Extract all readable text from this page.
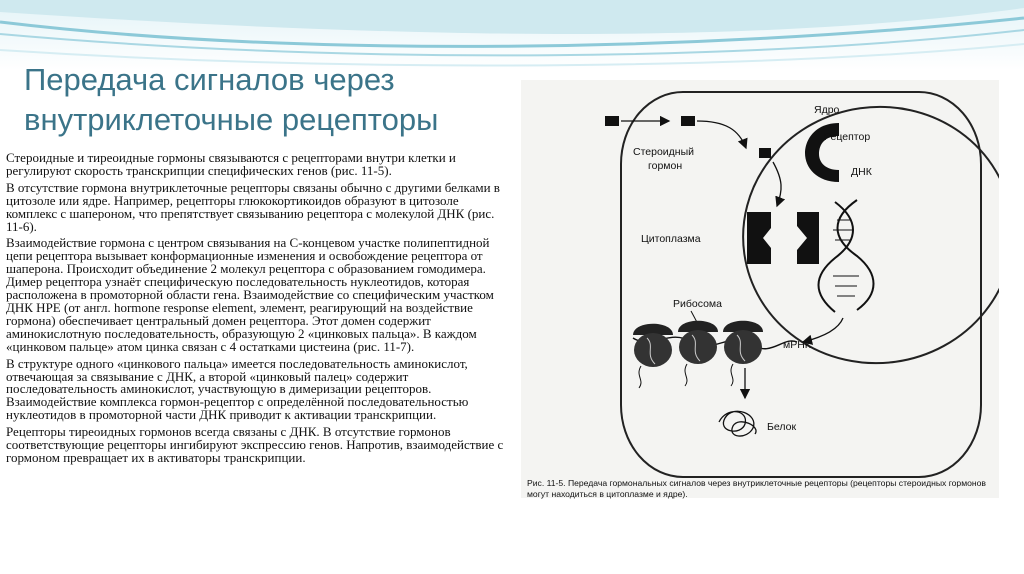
Передача сигналов через внутриклеточные рецепторы

Стероидные и тиреоидные гормоны связываются с рецепторами внутри клетки и регулируют скорость транскрипции специфических генов (рис. 11-5).

В отсутствие гормона внутриклеточные рецепторы связаны обычно с другими белками в цитозоле или ядре. Например, рецепторы глюкокортикоидов образуют в цитозоле комплекс с шапероном, что препятствует связыванию рецептора с молекулой ДНК (рис. 11-6).

Взаимодействие гормона с центром связывания на С-концевом участке полипептидной цепи рецептора вызывает конформационные изменения и освобождение рецептора от шаперона. Происходит объединение 2 молекул рецептора с образованием гомодимера. Димер рецептора узнаёт специфическую последовательность нуклеотидов, которая расположена в промоторной области гена. Взаимодействие со специфическим участком ДНК HPE (от англ. hormone response element, элемент, реагирующий на воздействие гормона) обеспечивает центральный домен рецептора. Этот домен содержит аминокислотную последовательность, образующую 2 «цинковых пальца». В каждом «цинковом пальце» атом цинка связан с 4 остатками цистеина (рис. 11-7).

В структуре одного «цинкового пальца» имеется последовательность аминокислот, отвечающая за связывание с ДНК, а второй «цинковый палец» содержит последовательность аминокислот, участвующую в димеризации рецепторов. Взаимодействие комплекса гормон-рецептор с определённой последовательностью нуклеотидов в промоторной части ДНК приводит к активации транскрипции.

Рецепторы тиреоидных гормонов всегда связаны с ДНК. В отсутствие гормонов соответствующие рецепторы ингибируют экспрессию генов. Напротив, взаимодействие с гормоном превращает их в активаторы транскрипции.

Стероидный
гормон
Ядро
Рецептор
ДНК
Цитоплазма
Рибосома
мРНК
Белок
Рис. 11-5. Передача гормональных сигналов через внутриклеточные рецепторы (рецепторы стероидных гормонов могут находиться в цитоплазме и ядре).
